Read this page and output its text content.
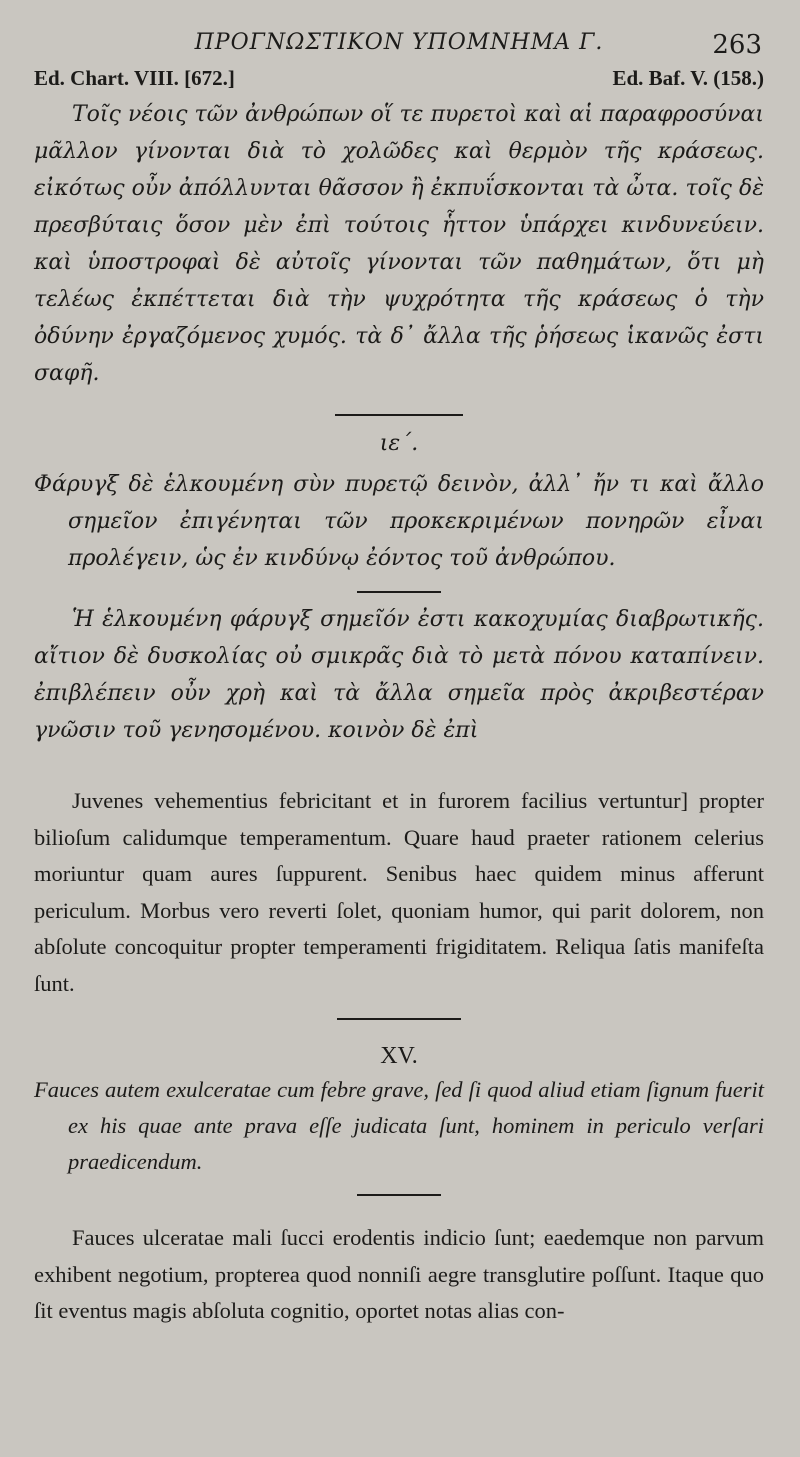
ΠΡΟΓΝΩΣΤΙΚΟΝ ΥΠΟΜΝΗΜΑ Γ.	263
Ed. Chart. VIII. [672.]	Ed. Baf. V. (158.)

Τοῖς νέοις τῶν ἀνθρώπων οἵ τε πυρετοὶ καὶ αἱ παραφροσύναι μᾶλλον γίνονται διὰ τὸ χολῶδες καὶ θερμὸν τῆς κράσεως. εἰκότως οὖν ἀπόλλυνται θᾶσσον ἢ ἐκπυΐσκονται τὰ ὦτα. τοῖς δὲ πρεσβύταις ὅσον μὲν ἐπὶ τούτοις ἧττον ὑπάρχει κινδυνεύειν. καὶ ὑποστροφαὶ δὲ αὐτοῖς γίνονται τῶν παθημάτων, ὅτι μὴ τελέως ἐκπέττεται διὰ τὴν ψυχρότητα τῆς κράσεως ὁ τὴν ὀδύνην ἐργαζόμενος χυμός. τὰ δ᾽ ἄλλα τῆς ῥήσεως ἱκανῶς ἐστι σαφῆ.

ιε΄.

Φάρυγξ δὲ ἑλκουμένη σὺν πυρετῷ δεινὸν, ἀλλ᾽ ἤν τι καὶ ἄλλο σημεῖον ἐπιγένηται τῶν προκεκριμένων πονηρῶν εἶναι προλέγειν, ὡς ἐν κινδύνῳ ἐόντος τοῦ ἀνθρώπου.

Ἡ ἑλκουμένη φάρυγξ σημεῖόν ἐστι κακοχυμίας διαβρωτικῆς. αἴτιον δὲ δυσκολίας οὐ σμικρᾶς διὰ τὸ μετὰ πόνου καταπίνειν. ἐπιβλέπειν οὖν χρὴ καὶ τὰ ἄλλα σημεῖα πρὸς ἀκριβεστέραν γνῶσιν τοῦ γενησομένου. κοινὸν δὲ ἐπὶ

Juvenes vehementius febricitant et in furorem facilius vertuntur] propter bilioſum calidumque temperamentum. Quare haud praeter rationem celerius moriuntur quam aures ſuppurent. Senibus haec quidem minus afferunt periculum. Morbus vero reverti ſolet, quoniam humor, qui parit dolorem, non abſolute concoquitur propter temperamenti frigiditatem. Reliqua ſatis manifeſta ſunt.

XV.

Fauces autem exulceratae cum febre grave, ſed ſi quod aliud etiam ſignum fuerit ex his quae ante prava eſſe judicata ſunt, hominem in periculo verſari praedicendum.

Fauces ulceratae mali ſucci erodentis indicio ſunt; eaedemque non parvum exhibent negotium, propterea quod nonniſi aegre transglutire poſſunt. Itaque quo ſit eventus magis abſoluta cognitio, oportet notas alias con-
